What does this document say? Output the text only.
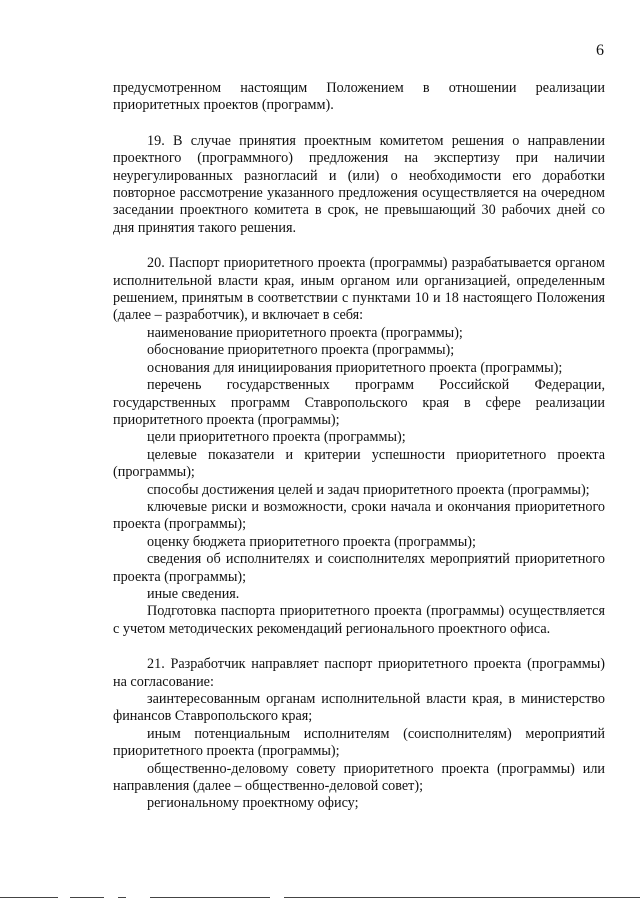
6

предусмотренном настоящим Положением в отношении реализации приоритетных проектов (программ).

19. В случае принятия проектным комитетом решения о направлении проектного (программного) предложения на экспертизу при наличии неурегулированных разногласий и (или) о необходимости его доработки повторное рассмотрение указанного предложения осуществляется на очередном заседании проектного комитета в срок, не превышающий 30 рабочих дней со дня принятия такого решения.

20. Паспорт приоритетного проекта (программы) разрабатывается органом исполнительной власти края, иным органом или организацией, определенным решением, принятым в соответствии с пунктами 10 и 18 настоящего Положения (далее – разработчик), и включает в себя:

наименование приоритетного проекта (программы);

обоснование приоритетного проекта (программы);

основания для инициирования приоритетного проекта (программы);

перечень государственных программ Российской Федерации, государственных программ Ставропольского края в сфере реализации приоритетного проекта (программы);

цели приоритетного проекта (программы);

целевые показатели и критерии успешности приоритетного проекта (программы);

способы достижения целей и задач приоритетного проекта (программы);

ключевые риски и возможности, сроки начала и окончания приоритетного проекта (программы);

оценку бюджета приоритетного проекта (программы);

сведения об исполнителях и соисполнителях мероприятий приоритетного проекта (программы);

иные сведения.

Подготовка паспорта приоритетного проекта (программы) осуществляется с учетом методических рекомендаций регионального проектного офиса.

21. Разработчик направляет паспорт приоритетного проекта (программы) на согласование:

заинтересованным органам исполнительной власти края, в министерство финансов Ставропольского края;

иным потенциальным исполнителям (соисполнителям) мероприятий приоритетного проекта (программы);

общественно-деловому совету приоритетного проекта (программы) или направления (далее – общественно-деловой совет);

региональному проектному офису;
